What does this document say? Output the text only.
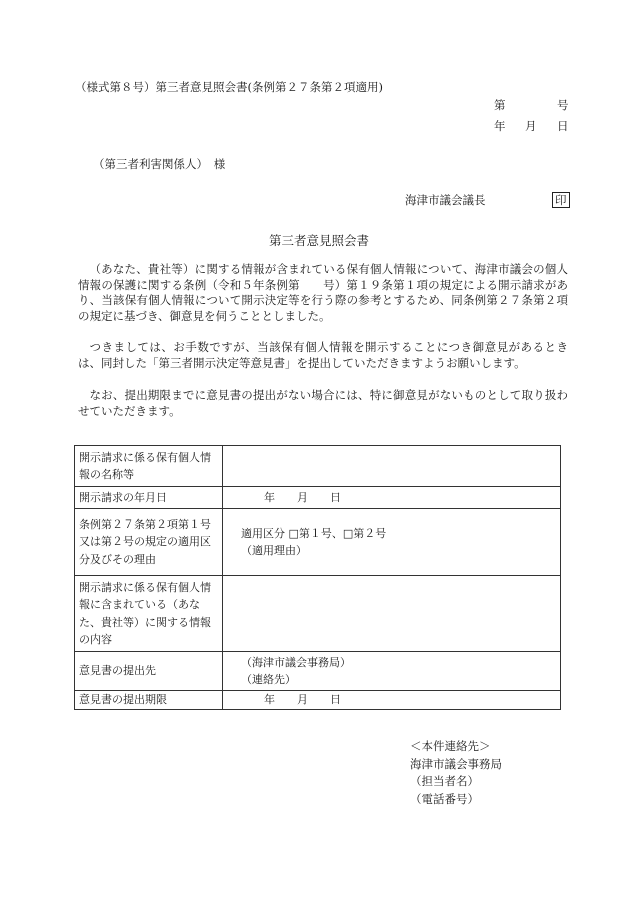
（様式第８号）第三者意見照会書(条例第２７条第２項適用)
第	号
年 月 日
（第三者利害関係人）　様
海津市議会議長	印
第三者意見照会書
（あなた、貴社等）に関する情報が含まれている保有個人情報について、海津市議会の個人情報の保護に関する条例（令和５年条例第　　号）第１９条第１項の規定による開示請求があり、当該保有個人情報について開示決定等を行う際の参考とするため、同条例第２７条第２項の規定に基づき、御意見を伺うこととしました。
つきましては、お手数ですが、当該保有個人情報を開示することにつき御意見があるときは、同封した「第三者開示決定等意見書」を提出していただきますようお願いします。
なお、提出期限までに意見書の提出がない場合には、特に御意見がないものとして取り扱わせていただきます。
開示請求に係る保有個人情報の名称等	
開示請求の年月日	年　　月　　日
条例第２７条第２項第１号又は第２号の規定の適用区分及びその理由	適用区分 □第１号、□第２号
（適用理由）

開示請求に係る保有個人情報に含まれている（あなた、貴社等）に関する情報の内容	
意見書の提出先	（海津市議会事務局）
（連絡先）

意見書の提出期限	年　　月　　日
＜本件連絡先＞
海津市議会事務局
（担当者名）
（電話番号）
